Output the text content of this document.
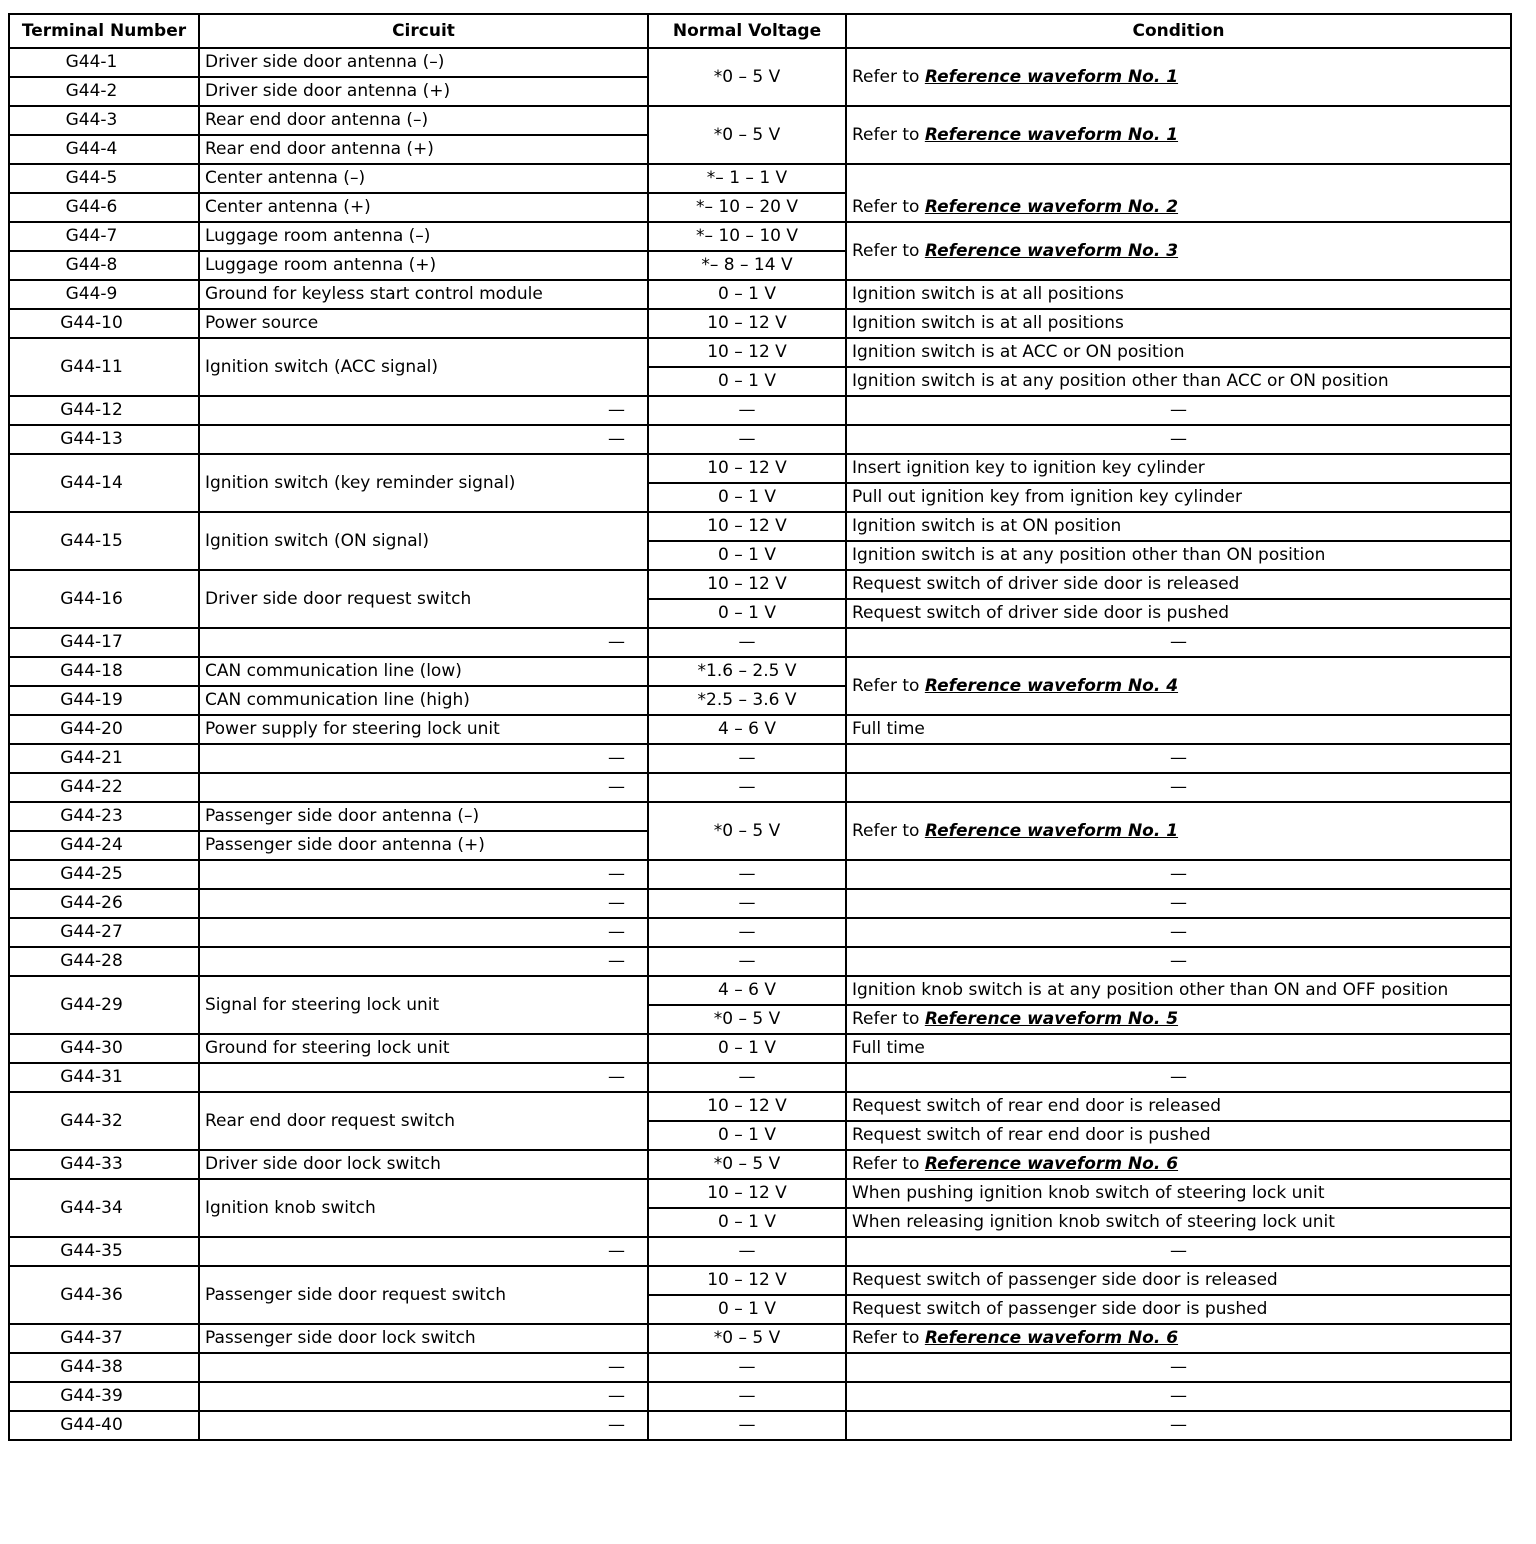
Terminal Number	Circuit	Normal Voltage	Condition
G44-1	Driver side door antenna (–)	*0 – 5 V	Refer to Reference waveform No. 1
G44-2	Driver side door antenna (+)		
G44-3	Rear end door antenna (–)	*0 – 5 V	Refer to Reference waveform No. 1
G44-4	Rear end door antenna (+)		
G44-5	Center antenna (–)	*– 1 – 1 V	Refer to Reference waveform No. 2
G44-6	Center antenna (+)	*– 10 – 20 V	
G44-7	Luggage room antenna (–)	*– 10 – 10 V	Refer to Reference waveform No. 3
G44-8	Luggage room antenna (+)	*– 8 – 14 V	
G44-9	Ground for keyless start control module	0 – 1 V	Ignition switch is at all positions
G44-10	Power source	10 – 12 V	Ignition switch is at all positions
G44-11	Ignition switch (ACC signal)	10 – 12 V	Ignition switch is at ACC or ON position
		0 – 1 V	Ignition switch is at any position other than ACC or ON position
G44-12	—	—	—
G44-13	—	—	—
G44-14	Ignition switch (key reminder signal)	10 – 12 V	Insert ignition key to ignition key cylinder
		0 – 1 V	Pull out ignition key from ignition key cylinder
G44-15	Ignition switch (ON signal)	10 – 12 V	Ignition switch is at ON position
		0 – 1 V	Ignition switch is at any position other than ON position
G44-16	Driver side door request switch	10 – 12 V	Request switch of driver side door is released
		0 – 1 V	Request switch of driver side door is pushed
G44-17	—	—	—
G44-18	CAN communication line (low)	*1.6 – 2.5 V	Refer to Reference waveform No. 4
G44-19	CAN communication line (high)	*2.5 – 3.6 V	
G44-20	Power supply for steering lock unit	4 – 6 V	Full time
G44-21	—	—	—
G44-22	—	—	—
G44-23	Passenger side door antenna (–)	*0 – 5 V	Refer to Reference waveform No. 1
G44-24	Passenger side door antenna (+)		
G44-25	—	—	—
G44-26	—	—	—
G44-27	—	—	—
G44-28	—	—	—
G44-29	Signal for steering lock unit	4 – 6 V	Ignition knob switch is at any position other than ON and OFF position
		*0 – 5 V	Refer to Reference waveform No. 5
G44-30	Ground for steering lock unit	0 – 1 V	Full time
G44-31	—	—	—
G44-32	Rear end door request switch	10 – 12 V	Request switch of rear end door is released
		0 – 1 V	Request switch of rear end door is pushed
G44-33	Driver side door lock switch	*0 – 5 V	Refer to Reference waveform No. 6
G44-34	Ignition knob switch	10 – 12 V	When pushing ignition knob switch of steering lock unit
		0 – 1 V	When releasing ignition knob switch of steering lock unit
G44-35	—	—	—
G44-36	Passenger side door request switch	10 – 12 V	Request switch of passenger side door is released
		0 – 1 V	Request switch of passenger side door is pushed
G44-37	Passenger side door lock switch	*0 – 5 V	Refer to Reference waveform No. 6
G44-38	—	—	—
G44-39	—	—	—
G44-40	—	—	—
